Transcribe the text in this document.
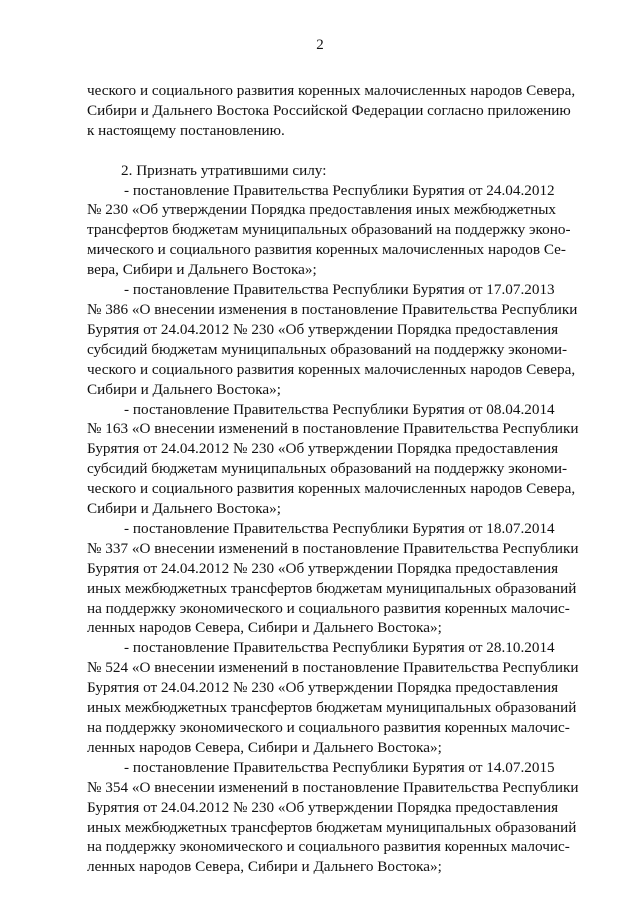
2
ческого и социального развития коренных малочисленных народов Севера,
Сибири и Дальнего Востока Российской Федерации согласно приложению
к настоящему постановлению.
2. Признать утратившими силу:
- постановление Правительства Республики Бурятия от 24.04.2012
№ 230 «Об утверждении Порядка предоставления иных межбюджетных
трансфертов бюджетам муниципальных образований на поддержку эконо-
мического и социального развития коренных малочисленных народов Се-
вера, Сибири и Дальнего Востока»;
- постановление Правительства Республики Бурятия от 17.07.2013
№ 386 «О внесении изменения в постановление Правительства Республики
Бурятия от 24.04.2012 № 230 «Об утверждении Порядка предоставления
субсидий бюджетам муниципальных образований на поддержку экономи-
ческого и социального развития коренных малочисленных народов Севера,
Сибири и Дальнего Востока»;
- постановление Правительства Республики Бурятия от 08.04.2014
№ 163 «О внесении изменений в постановление Правительства Республики
Бурятия от 24.04.2012 № 230 «Об утверждении Порядка предоставления
субсидий бюджетам муниципальных образований на поддержку экономи-
ческого и социального развития коренных малочисленных народов Севера,
Сибири и Дальнего Востока»;
- постановление Правительства Республики Бурятия от 18.07.2014
№ 337 «О внесении изменений в постановление Правительства Республики
Бурятия от 24.04.2012 № 230 «Об утверждении Порядка предоставления
иных межбюджетных трансфертов бюджетам муниципальных образований
на поддержку экономического и социального развития коренных малочис-
ленных народов Севера, Сибири и Дальнего Востока»;
- постановление Правительства Республики Бурятия от 28.10.2014
№ 524 «О внесении изменений в постановление Правительства Республики
Бурятия от 24.04.2012 № 230 «Об утверждении Порядка предоставления
иных межбюджетных трансфертов бюджетам муниципальных образований
на поддержку экономического и социального развития коренных малочис-
ленных народов Севера, Сибири и Дальнего Востока»;
- постановление Правительства Республики Бурятия от 14.07.2015
№ 354 «О внесении изменений в постановление Правительства Республики
Бурятия от 24.04.2012 № 230 «Об утверждении Порядка предоставления
иных межбюджетных трансфертов бюджетам муниципальных образований
на поддержку экономического и социального развития коренных малочис-
ленных народов Севера, Сибири и Дальнего Востока»;
